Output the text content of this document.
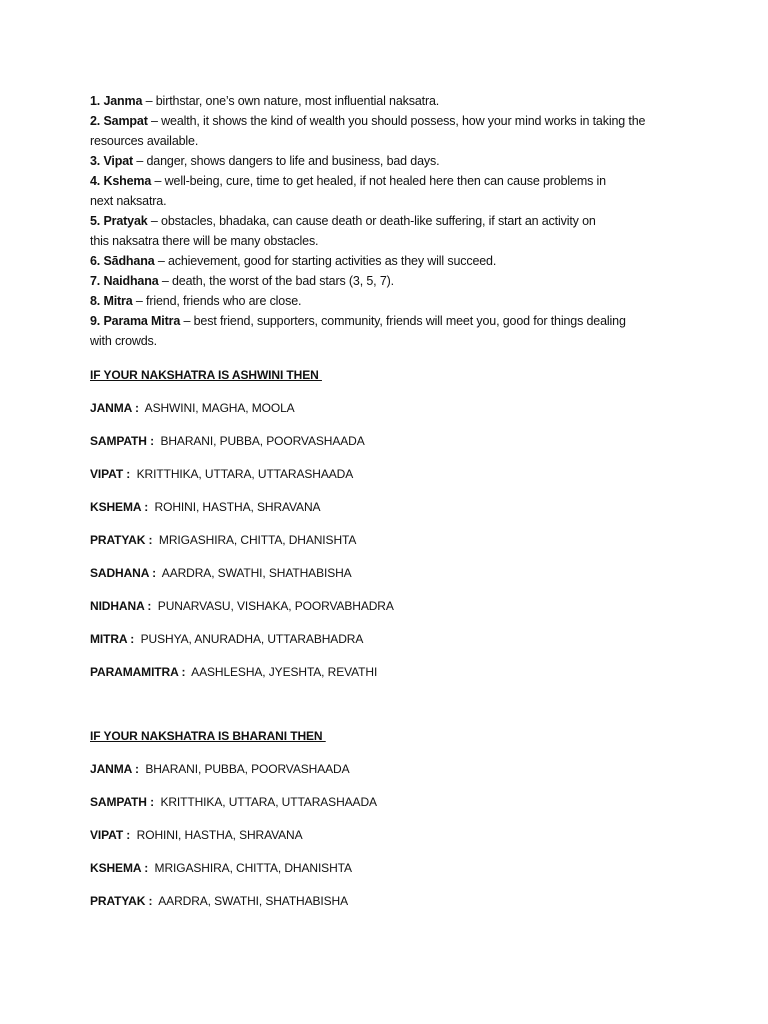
1. Janma – birthstar, one’s own nature, most influential naksatra.
2. Sampat – wealth, it shows the kind of wealth you should possess, how your mind works in taking the
resources available.
3. Vipat – danger, shows dangers to life and business, bad days.
4. Kshema – well-being, cure, time to get healed, if not healed here then can cause problems in
next naksatra.
5. Pratyak – obstacles, bhadaka, can cause death or death-like suffering, if start an activity on
this naksatra there will be many obstacles.
6. Sādhana – achievement, good for starting activities as they will succeed.
7. Naidhana – death, the worst of the bad stars (3, 5, 7).
8. Mitra – friend, friends who are close.
9. Parama Mitra – best friend, supporters, community, friends will meet you, good for things dealing
with crowds.
IF YOUR NAKSHATRA IS ASHWINI THEN
JANMA :  ASHWINI, MAGHA, MOOLA
SAMPATH :  BHARANI, PUBBA, POORVASHAADA
VIPAT :  KRITTHIKA, UTTARA, UTTARASHAADA
KSHEMA :  ROHINI, HASTHA, SHRAVANA
PRATYAK :  MRIGASHIRA, CHITTA, DHANISHTA
SADHANA :  AARDRA, SWATHI, SHATHABISHA
NIDHANA :  PUNARVASU, VISHAKA, POORVABHADRA
MITRA :  PUSHYA, ANURADHA, UTTARABHADRA
PARAMAMITRA :  AASHLESHA, JYESHTA, REVATHI
IF YOUR NAKSHATRA IS BHARANI THEN
JANMA :  BHARANI, PUBBA, POORVASHAADA
SAMPATH :  KRITTHIKA, UTTARA, UTTARASHAADA
VIPAT :  ROHINI, HASTHA, SHRAVANA
KSHEMA :  MRIGASHIRA, CHITTA, DHANISHTA
PRATYAK :  AARDRA, SWATHI, SHATHABISHA
